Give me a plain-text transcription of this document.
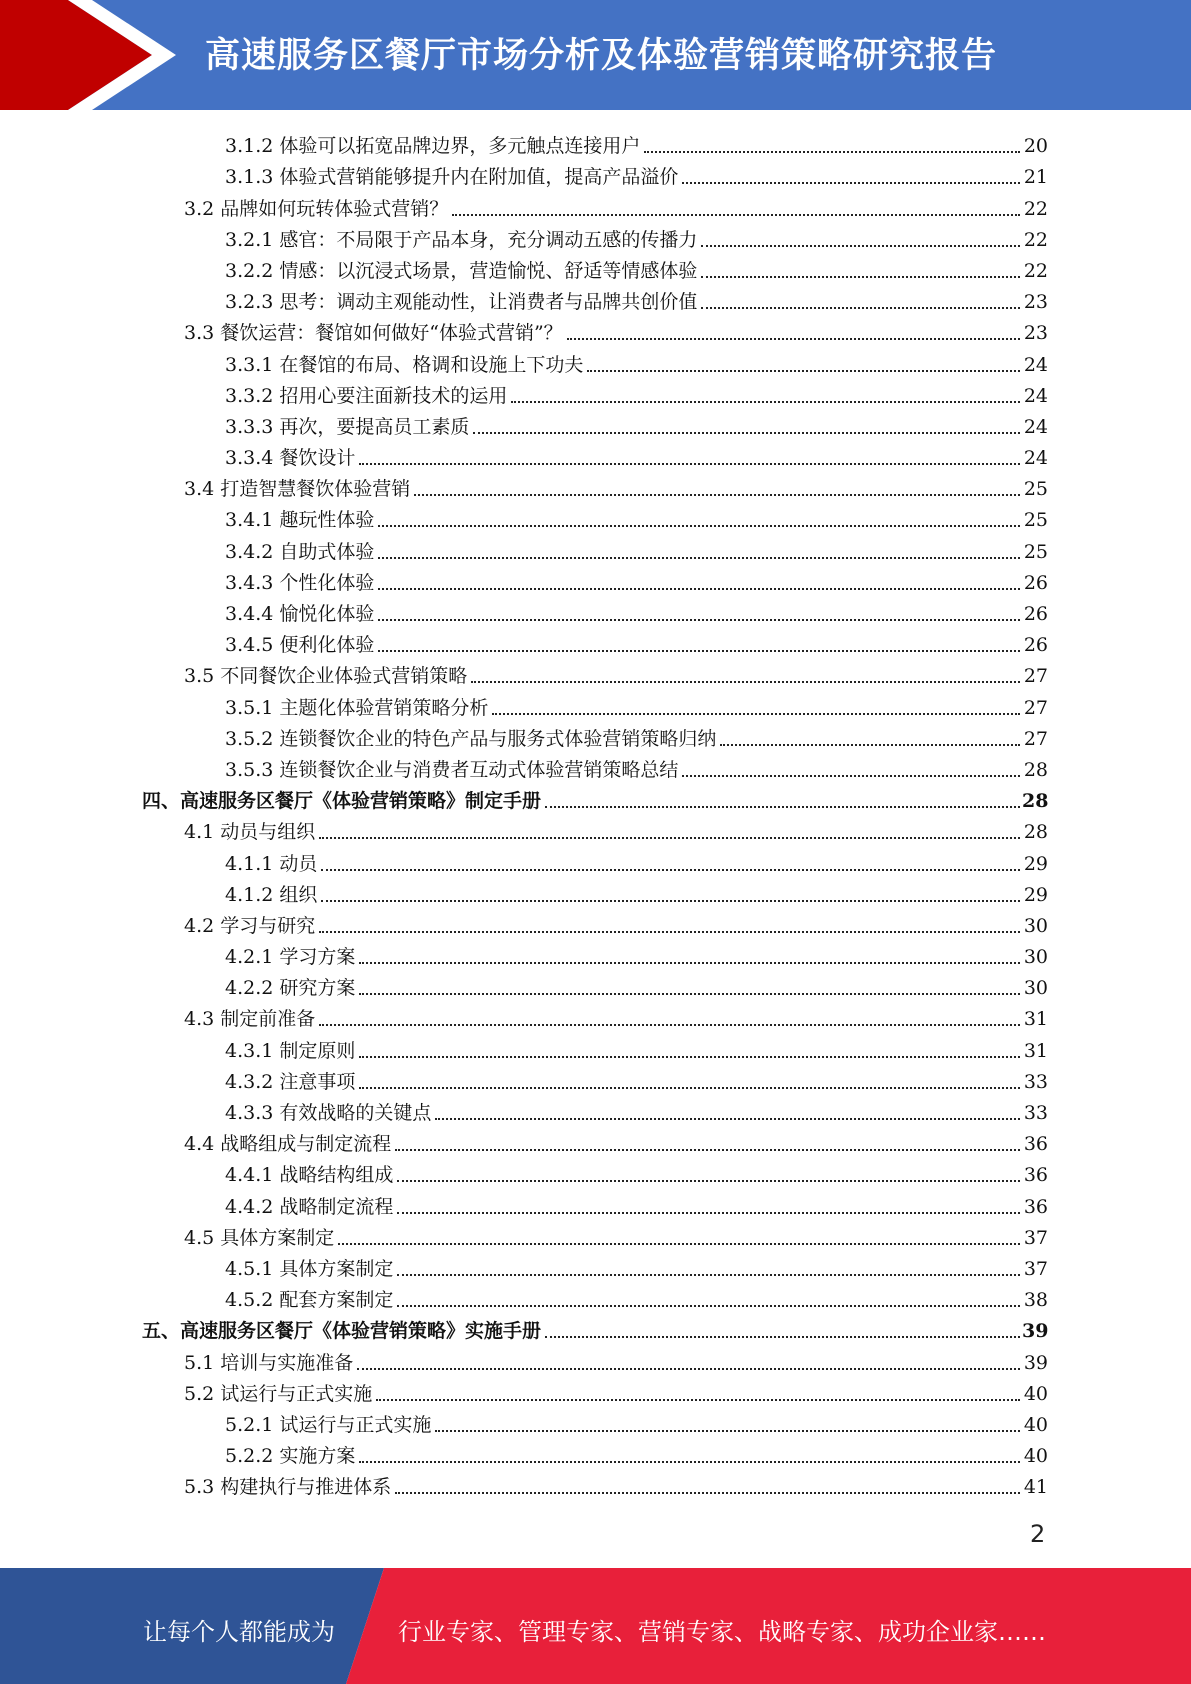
高速服务区餐厅市场分析及体验营销策略研究报告
3.1.2 体验可以拓宽品牌边界，多元触点连接用户	20
3.1.3 体验式营销能够提升内在附加值，提高产品溢价	21
3.2 品牌如何玩转体验式营销？	22
3.2.1 感官：不局限于产品本身，充分调动五感的传播力	22
3.2.2 情感：以沉浸式场景，营造愉悦、舒适等情感体验	22
3.2.3 思考：调动主观能动性，让消费者与品牌共创价值	23
3.3 餐饮运营：餐馆如何做好“体验式营销”？	23
3.3.1 在餐馆的布局、格调和设施上下功夫	24
3.3.2 招用心要注面新技术的运用	24
3.3.3 再次，要提高员工素质	24
3.3.4 餐饮设计	24
3.4 打造智慧餐饮体验营销	25
3.4.1 趣玩性体验	25
3.4.2 自助式体验	25
3.4.3 个性化体验	26
3.4.4 愉悦化体验	26
3.4.5 便利化体验	26
3.5 不同餐饮企业体验式营销策略	27
3.5.1 主题化体验营销策略分析	27
3.5.2 连锁餐饮企业的特色产品与服务式体验营销策略归纳	27
3.5.3 连锁餐饮企业与消费者互动式体验营销策略总结	28
四、高速服务区餐厅《体验营销策略》制定手册	28
4.1 动员与组织	28
4.1.1 动员	29
4.1.2 组织	29
4.2 学习与研究	30
4.2.1 学习方案	30
4.2.2 研究方案	30
4.3 制定前准备	31
4.3.1 制定原则	31
4.3.2 注意事项	33
4.3.3 有效战略的关键点	33
4.4 战略组成与制定流程	36
4.4.1 战略结构组成	36
4.4.2 战略制定流程	36
4.5 具体方案制定	37
4.5.1 具体方案制定	37
4.5.2 配套方案制定	38
五、高速服务区餐厅《体验营销策略》实施手册	39
5.1 培训与实施准备	39
5.2 试运行与正式实施	40
5.2.1 试运行与正式实施	40
5.2.2 实施方案	40
5.3 构建执行与推进体系	41
2
让每个人都能成为	行业专家、管理专家、营销专家、战略专家、成功企业家……
